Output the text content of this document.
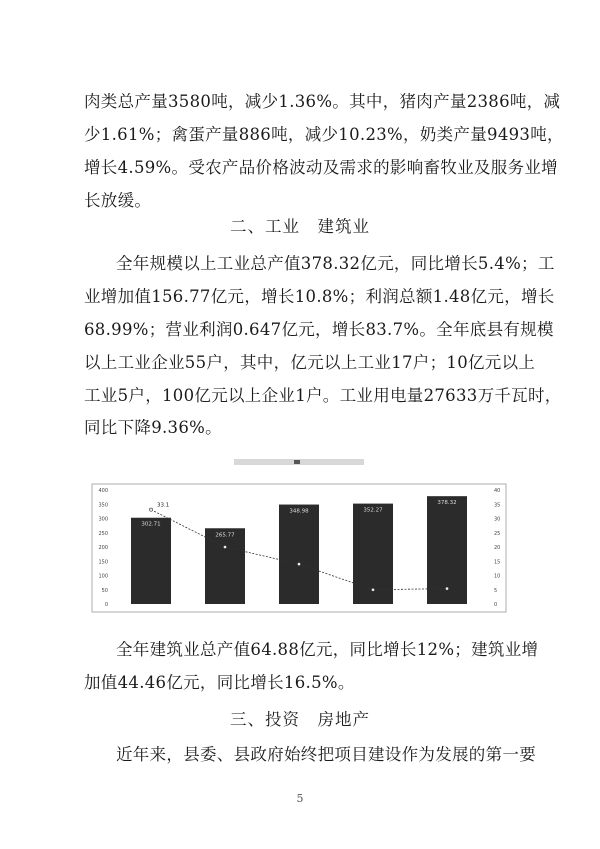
肉类总产量3580吨，减少1.36%。其中，猪肉产量2386吨，减
少1.61%；禽蛋产量886吨，减少10.23%，奶类产量9493吨，
增长4.59%。受农产品价格波动及需求的影响畜牧业及服务业增
长放缓。
二、工业　建筑业
全年规模以上工业总产值378.32亿元，同比增长5.4%；工
业增加值156.77亿元，增长10.8%；利润总额1.48亿元，增长
68.99%；营业利润0.647亿元，增长83.7%。全年底县有规模
以上工业企业55户，其中，亿元以上工业17户；10亿元以上
工业5户，100亿元以上企业1户。工业用电量27633万千瓦时，
同比下降9.36%。
0
50
100
150
200
250
300
350
400
0
5
10
15
20
25
30
35
40
33.1
302.71
265.77
348.98	352.27
378.32
全年建筑业总产值64.88亿元，同比增长12%；建筑业增
加值44.46亿元，同比增长16.5%。
三、投资　房地产
近年来，县委、县政府始终把项目建设作为发展的第一要
5
